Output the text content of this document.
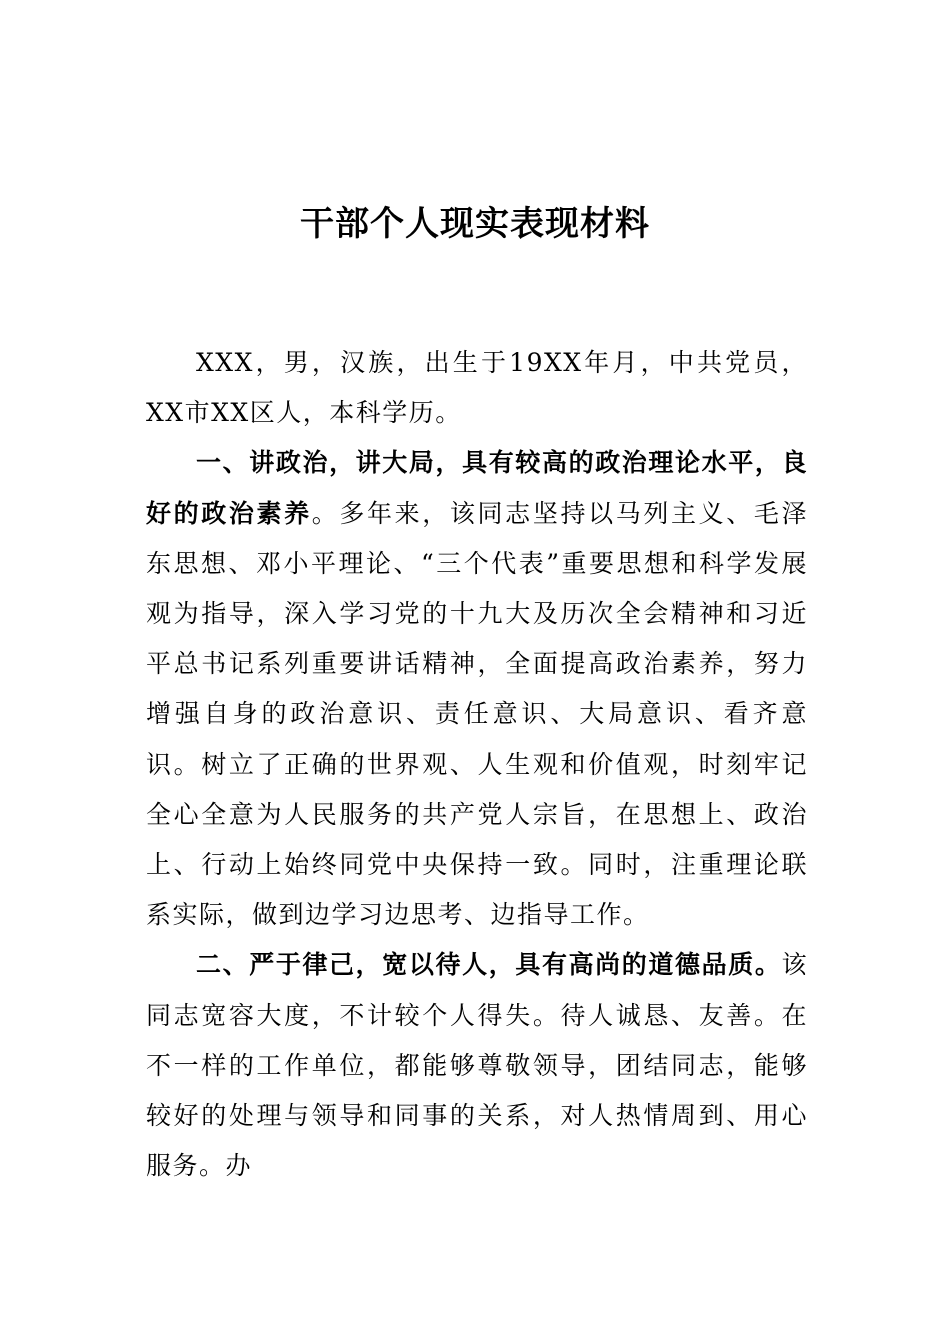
干部个人现实表现材料

XXX，男，汉族，出生于19XX年月，中共党员，XX市XX区人，本科学历。

一、讲政治，讲大局，具有较高的政治理论水平，良好的政治素养。多年来，该同志坚持以马列主义、毛泽东思想、邓小平理论、“三个代表”重要思想和科学发展观为指导，深入学习党的十九大及历次全会精神和习近平总书记系列重要讲话精神，全面提高政治素养，努力增强自身的政治意识、责任意识、大局意识、看齐意识。树立了正确的世界观、人生观和价值观，时刻牢记全心全意为人民服务的共产党人宗旨，在思想上、政治上、行动上始终同党中央保持一致。同时，注重理论联系实际，做到边学习边思考、边指导工作。

二、严于律己，宽以待人，具有高尚的道德品质。该同志宽容大度，不计较个人得失。待人诚恳、友善。在不一样的工作单位，都能够尊敬领导，团结同志，能够较好的处理与领导和同事的关系，对人热情周到、用心服务。办
